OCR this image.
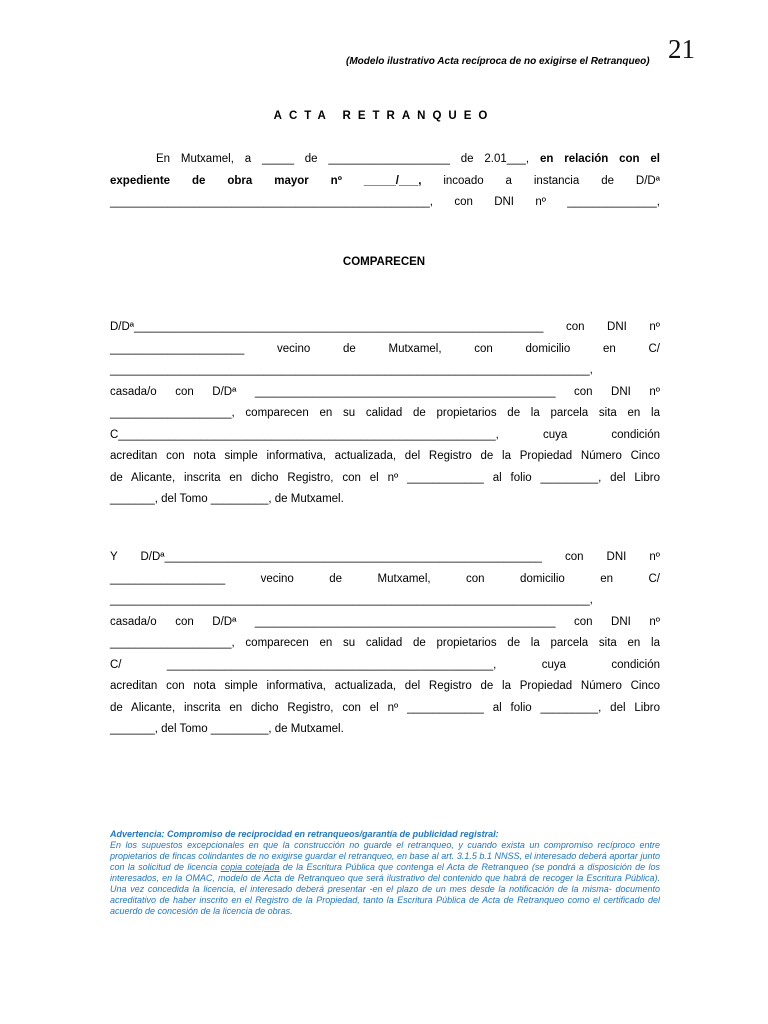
21
(Modelo ilustrativo Acta recíproca de no exigirse el Retranqueo)
ACTA RETRANQUEO

En Mutxamel, a _____ de ___________________ de 2.01___, en relación con el

expediente de obra mayor nº _____/___, incoado a instancia de D/Dª

__________________________________________________, con DNI nº ______________,

COMPARECEN

D/Dª________________________________________________________________ con DNI nº

_____________________ vecino de Mutxamel, con domicilio en C/

___________________________________________________________________________,

casada/o con D/Dª _______________________________________________ con DNI nº

___________________, comparecen en su calidad de propietarios de la parcela sita en la

C___________________________________________________________, cuya condición

acreditan con nota simple informativa, actualizada, del Registro de la Propiedad Número Cinco

de Alicante, inscrita en dicho Registro, con el nº ____________ al folio _________, del Libro

_______, del Tomo _________, de Mutxamel.

Y D/Dª___________________________________________________________ con DNI nº

__________________ vecino de Mutxamel, con domicilio en C/

___________________________________________________________________________,

casada/o con D/Dª _______________________________________________ con DNI nº

___________________, comparecen en su calidad de propietarios de la parcela sita en la

C/ ___________________________________________________, cuya condición

acreditan con nota simple informativa, actualizada, del Registro de la Propiedad Número Cinco

de Alicante, inscrita en dicho Registro, con el nº ____________ al folio _________, del Libro

_______, del Tomo _________, de Mutxamel.

Advertencia: Compromiso de reciprocidad en retranqueos/garantía de publicidad registral:
En los supuestos excepcionales en que la construcción no guarde el retranqueo, y cuando exista un compromiso recíproco entre propietarios de fincas colindantes de no exigirse guardar el retranqueo, en base al art. 3.1.5 b.1 NNSS, el interesado deberá aportar junto con la solicitud de licencia copia cotejada de la Escritura Pública que contenga el Acta de Retranqueo (se pondrá a disposición de los interesados, en la OMAC, modelo de Acta de Retranqueo que será ilustrativo del contenido que habrá de recoger la Escritura Pública). Una vez concedida la licencia, el interesado deberá presentar -en el plazo de un mes desde la notificación de la misma- documento acreditativo de haber inscrito en el Registro de la Propiedad, tanto la Escritura Pública de Acta de Retranqueo como el certificado del acuerdo de concesión de la licencia de obras.
